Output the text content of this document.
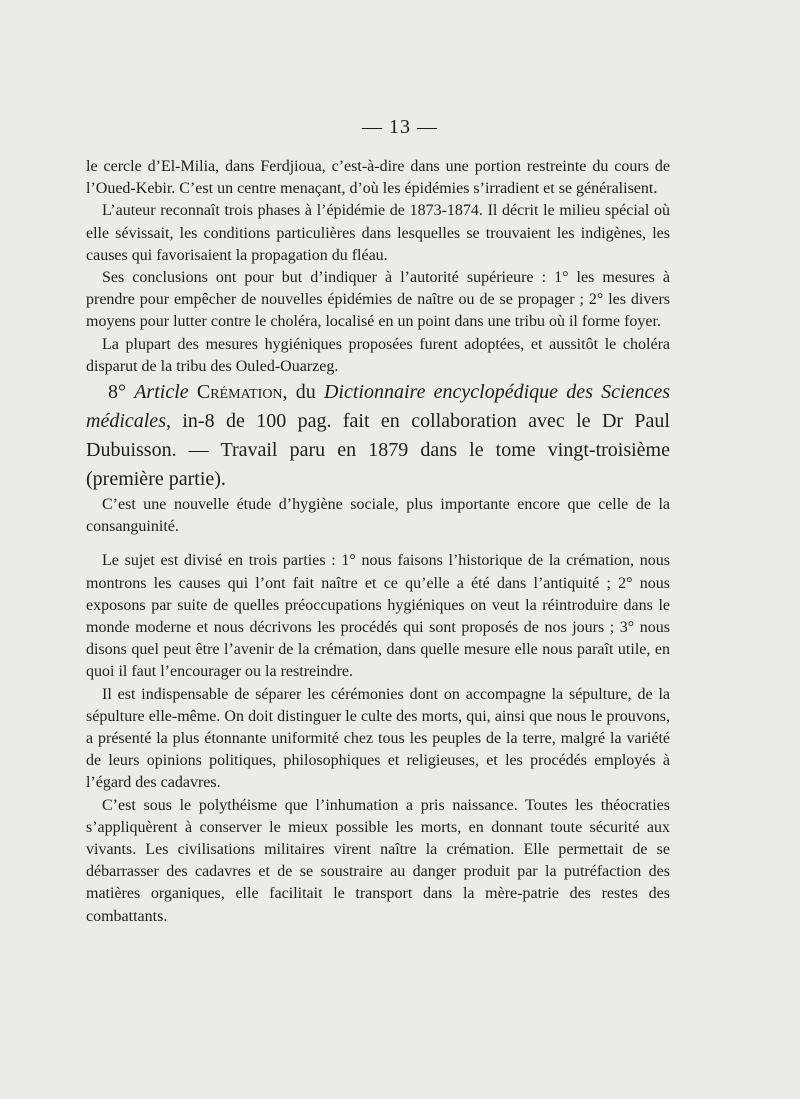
— 13 —

le cercle d’El-Milia, dans Ferdjioua, c’est-à-dire dans une portion restreinte du cours de l’Oued-Kebir. C’est un centre menaçant, d’où les épidémies s’irradient et se généralisent.

L’auteur reconnaît trois phases à l’épidémie de 1873-1874. Il décrit le milieu spécial où elle sévissait, les conditions particulières dans lesquelles se trouvaient les indigènes, les causes qui favorisaient la propagation du fléau.

Ses conclusions ont pour but d’indiquer à l’autorité supérieure : 1° les mesures à prendre pour empêcher de nouvelles épidémies de naître ou de se propager ; 2° les divers moyens pour lutter contre le choléra, localisé en un point dans une tribu où il forme foyer.

La plupart des mesures hygiéniques proposées furent adoptées, et aussitôt le choléra disparut de la tribu des Ouled-Ouarzeg.

8° Article Crémation, du Dictionnaire encyclopédique des Sciences médicales, in-8 de 100 pag. fait en collaboration avec le Dr Paul Dubuisson. — Travail paru en 1879 dans le tome vingt-troisième (première partie).

C’est une nouvelle étude d’hygiène sociale, plus importante encore que celle de la consanguinité.

Le sujet est divisé en trois parties : 1° nous faisons l’historique de la crémation, nous montrons les causes qui l’ont fait naître et ce qu’elle a été dans l’antiquité ; 2° nous exposons par suite de quelles préoccupations hygiéniques on veut la réintroduire dans le monde moderne et nous décrivons les procédés qui sont proposés de nos jours ; 3° nous disons quel peut être l’avenir de la crémation, dans quelle mesure elle nous paraît utile, en quoi il faut l’encourager ou la restreindre.

Il est indispensable de séparer les cérémonies dont on accompagne la sépulture, de la sépulture elle-même. On doit distinguer le culte des morts, qui, ainsi que nous le prouvons, a présenté la plus étonnante uniformité chez tous les peuples de la terre, malgré la variété de leurs opinions politiques, philosophiques et religieuses, et les procédés employés à l’égard des cadavres.

C’est sous le polythéisme que l’inhumation a pris naissance. Toutes les théocraties s’appliquèrent à conserver le mieux possible les morts, en donnant toute sécurité aux vivants. Les civilisations militaires virent naître la crémation. Elle permettait de se débarrasser des cadavres et de se soustraire au danger produit par la putréfaction des matières organiques, elle facilitait le transport dans la mère-patrie des restes des combattants.
